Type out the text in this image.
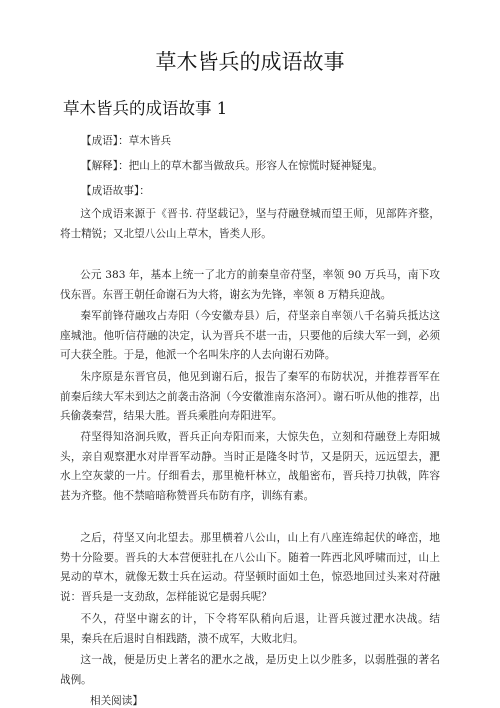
草木皆兵的成语故事
草木皆兵的成语故事 1

【成语】：草木皆兵

【解释】：把山上的草木都当做敌兵。形容人在惊慌时疑神疑鬼。

【成语故事】：

这个成语来源于《晋书. 苻坚载记》，坚与苻融登城而望王师，见部阵齐整，将士精锐；又北望八公山上草木，皆类人形。

公元 383 年，基本上统一了北方的前秦皇帝苻坚，率领 90 万兵马，南下攻伐东晋。东晋王朝任命谢石为大将，谢玄为先锋，率领 8 万精兵迎战。

秦军前锋苻融攻占寿阳（今安徽寿县）后，苻坚亲自率领八千名骑兵抵达这座城池。他听信苻融的决定，认为晋兵不堪一击，只要他的后续大军一到，必须可大获全胜。于是，他派一个名叫朱序的人去向谢石劝降。

朱序原是东晋官员，他见到谢石后，报告了秦军的布防状况，并推荐晋军在前秦后续大军未到达之前袭击洛涧（今安徽淮南东洛河）。谢石听从他的推荐，出兵偷袭秦营，结果大胜。晋兵乘胜向寿阳进军。

苻坚得知洛涧兵败，晋兵正向寿阳而来，大惊失色，立刻和苻融登上寿阳城头，亲自观察淝水对岸晋军动静。当时正是隆冬时节，又是阴天，远远望去，淝水上空灰蒙的一片。仔细看去，那里桅杆林立，战船密布，晋兵持刀执戟，阵容甚为齐整。他不禁暗暗称赞晋兵布防有序，训练有素。

之后，苻坚又向北望去。那里横着八公山，山上有八座连绵起伏的峰峦，地势十分险要。晋兵的大本营便驻扎在八公山下。随着一阵西北风呼啸而过，山上晃动的草木，就像无数士兵在运动。苻坚顿时面如土色，惊恐地回过头来对苻融说：晋兵是一支劲敌，怎样能说它是弱兵呢？

不久，苻坚中谢玄的计，下令将军队稍向后退，让晋兵渡过淝水决战。结果，秦兵在后退时自相践踏，溃不成军，大败北归。

这一战，便是历史上著名的淝水之战，是历史上以少胜多，以弱胜强的著名战例。

相关阅读】
